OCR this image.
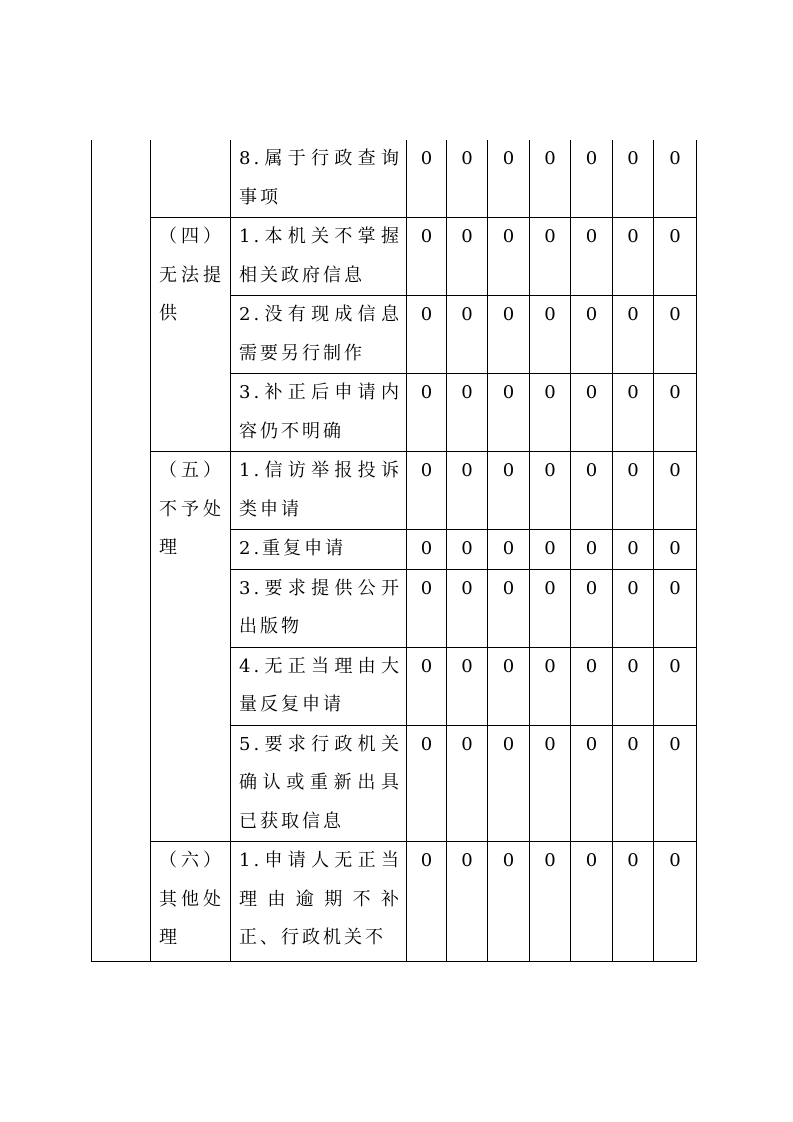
		8.属于行政查询事项	0	0	0	0	0	0	0
	（四）无法提供	1.本机关不掌握相关政府信息	0	0	0	0	0	0	0
		2.没有现成信息需要另行制作	0	0	0	0	0	0	0
		3.补正后申请内容仍不明确	0	0	0	0	0	0	0
	（五）不予处理	1.信访举报投诉类申请	0	0	0	0	0	0	0
		2.重复申请	0	0	0	0	0	0	0
		3.要求提供公开出版物	0	0	0	0	0	0	0
		4.无正当理由大量反复申请	0	0	0	0	0	0	0
		5.要求行政机关确认或重新出具已获取信息	0	0	0	0	0	0	0
	（六）其他处理	1.申请人无正当理由逾期不补正、行政机关不	0	0	0	0	0	0	0
